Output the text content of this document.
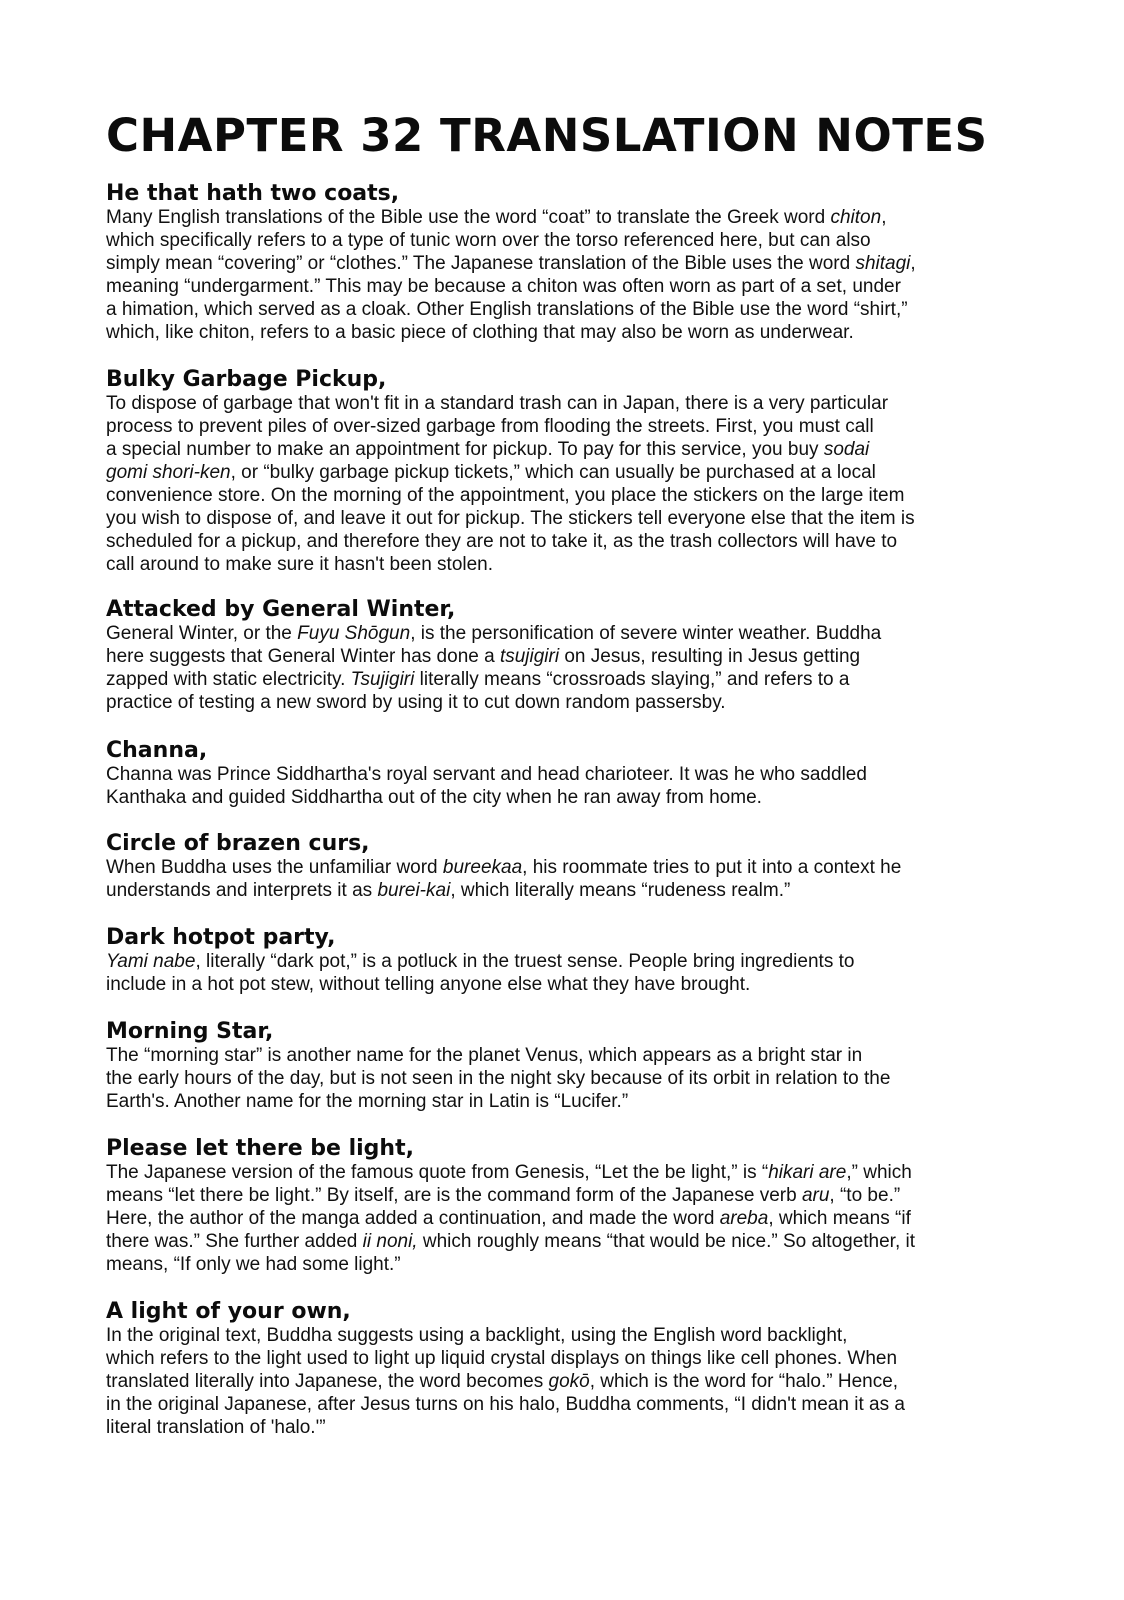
CHAPTER 32 TRANSLATION NOTES
He that hath two coats,

Many English translations of the Bible use the word “coat” to translate the Greek word chiton,
which specifically refers to a type of tunic worn over the torso referenced here, but can also
simply mean “covering” or “clothes.” The Japanese translation of the Bible uses the word shitagi,
meaning “undergarment.” This may be because a chiton was often worn as part of a set, under
a himation, which served as a cloak. Other English translations of the Bible use the word “shirt,”
which, like chiton, refers to a basic piece of clothing that may also be worn as underwear.

Bulky Garbage Pickup,

To dispose of garbage that won't fit in a standard trash can in Japan, there is a very particular
process to prevent piles of over-sized garbage from flooding the streets. First, you must call
a special number to make an appointment for pickup. To pay for this service, you buy sodai
gomi shori-ken, or “bulky garbage pickup tickets,” which can usually be purchased at a local
convenience store. On the morning of the appointment, you place the stickers on the large item
you wish to dispose of, and leave it out for pickup. The stickers tell everyone else that the item is
scheduled for a pickup, and therefore they are not to take it, as the trash collectors will have to
call around to make sure it hasn't been stolen.

Attacked by General Winter,

General Winter, or the Fuyu Shōgun, is the personification of severe winter weather. Buddha
here suggests that General Winter has done a tsujigiri on Jesus, resulting in Jesus getting
zapped with static electricity. Tsujigiri literally means “crossroads slaying,” and refers to a
practice of testing a new sword by using it to cut down random passersby.

Channa,

Channa was Prince Siddhartha's royal servant and head charioteer. It was he who saddled
Kanthaka and guided Siddhartha out of the city when he ran away from home.

Circle of brazen curs,

When Buddha uses the unfamiliar word bureekaa, his roommate tries to put it into a context he
understands and interprets it as burei-kai, which literally means “rudeness realm.”

Dark hotpot party,

Yami nabe, literally “dark pot,” is a potluck in the truest sense. People bring ingredients to
include in a hot pot stew, without telling anyone else what they have brought.

Morning Star,

The “morning star” is another name for the planet Venus, which appears as a bright star in
the early hours of the day, but is not seen in the night sky because of its orbit in relation to the
Earth's. Another name for the morning star in Latin is “Lucifer.”

Please let there be light,

The Japanese version of the famous quote from Genesis, “Let the be light,” is “hikari are,” which
means “let there be light.” By itself, are is the command form of the Japanese verb aru, “to be.”
Here, the author of the manga added a continuation, and made the word areba, which means “if
there was.” She further added ii noni, which roughly means “that would be nice.” So altogether, it
means, “If only we had some light.”

A light of your own,

In the original text, Buddha suggests using a backlight, using the English word backlight,
which refers to the light used to light up liquid crystal displays on things like cell phones. When
translated literally into Japanese, the word becomes gokō, which is the word for “halo.” Hence,
in the original Japanese, after Jesus turns on his halo, Buddha comments, “I didn't mean it as a
literal translation of 'halo.'”
